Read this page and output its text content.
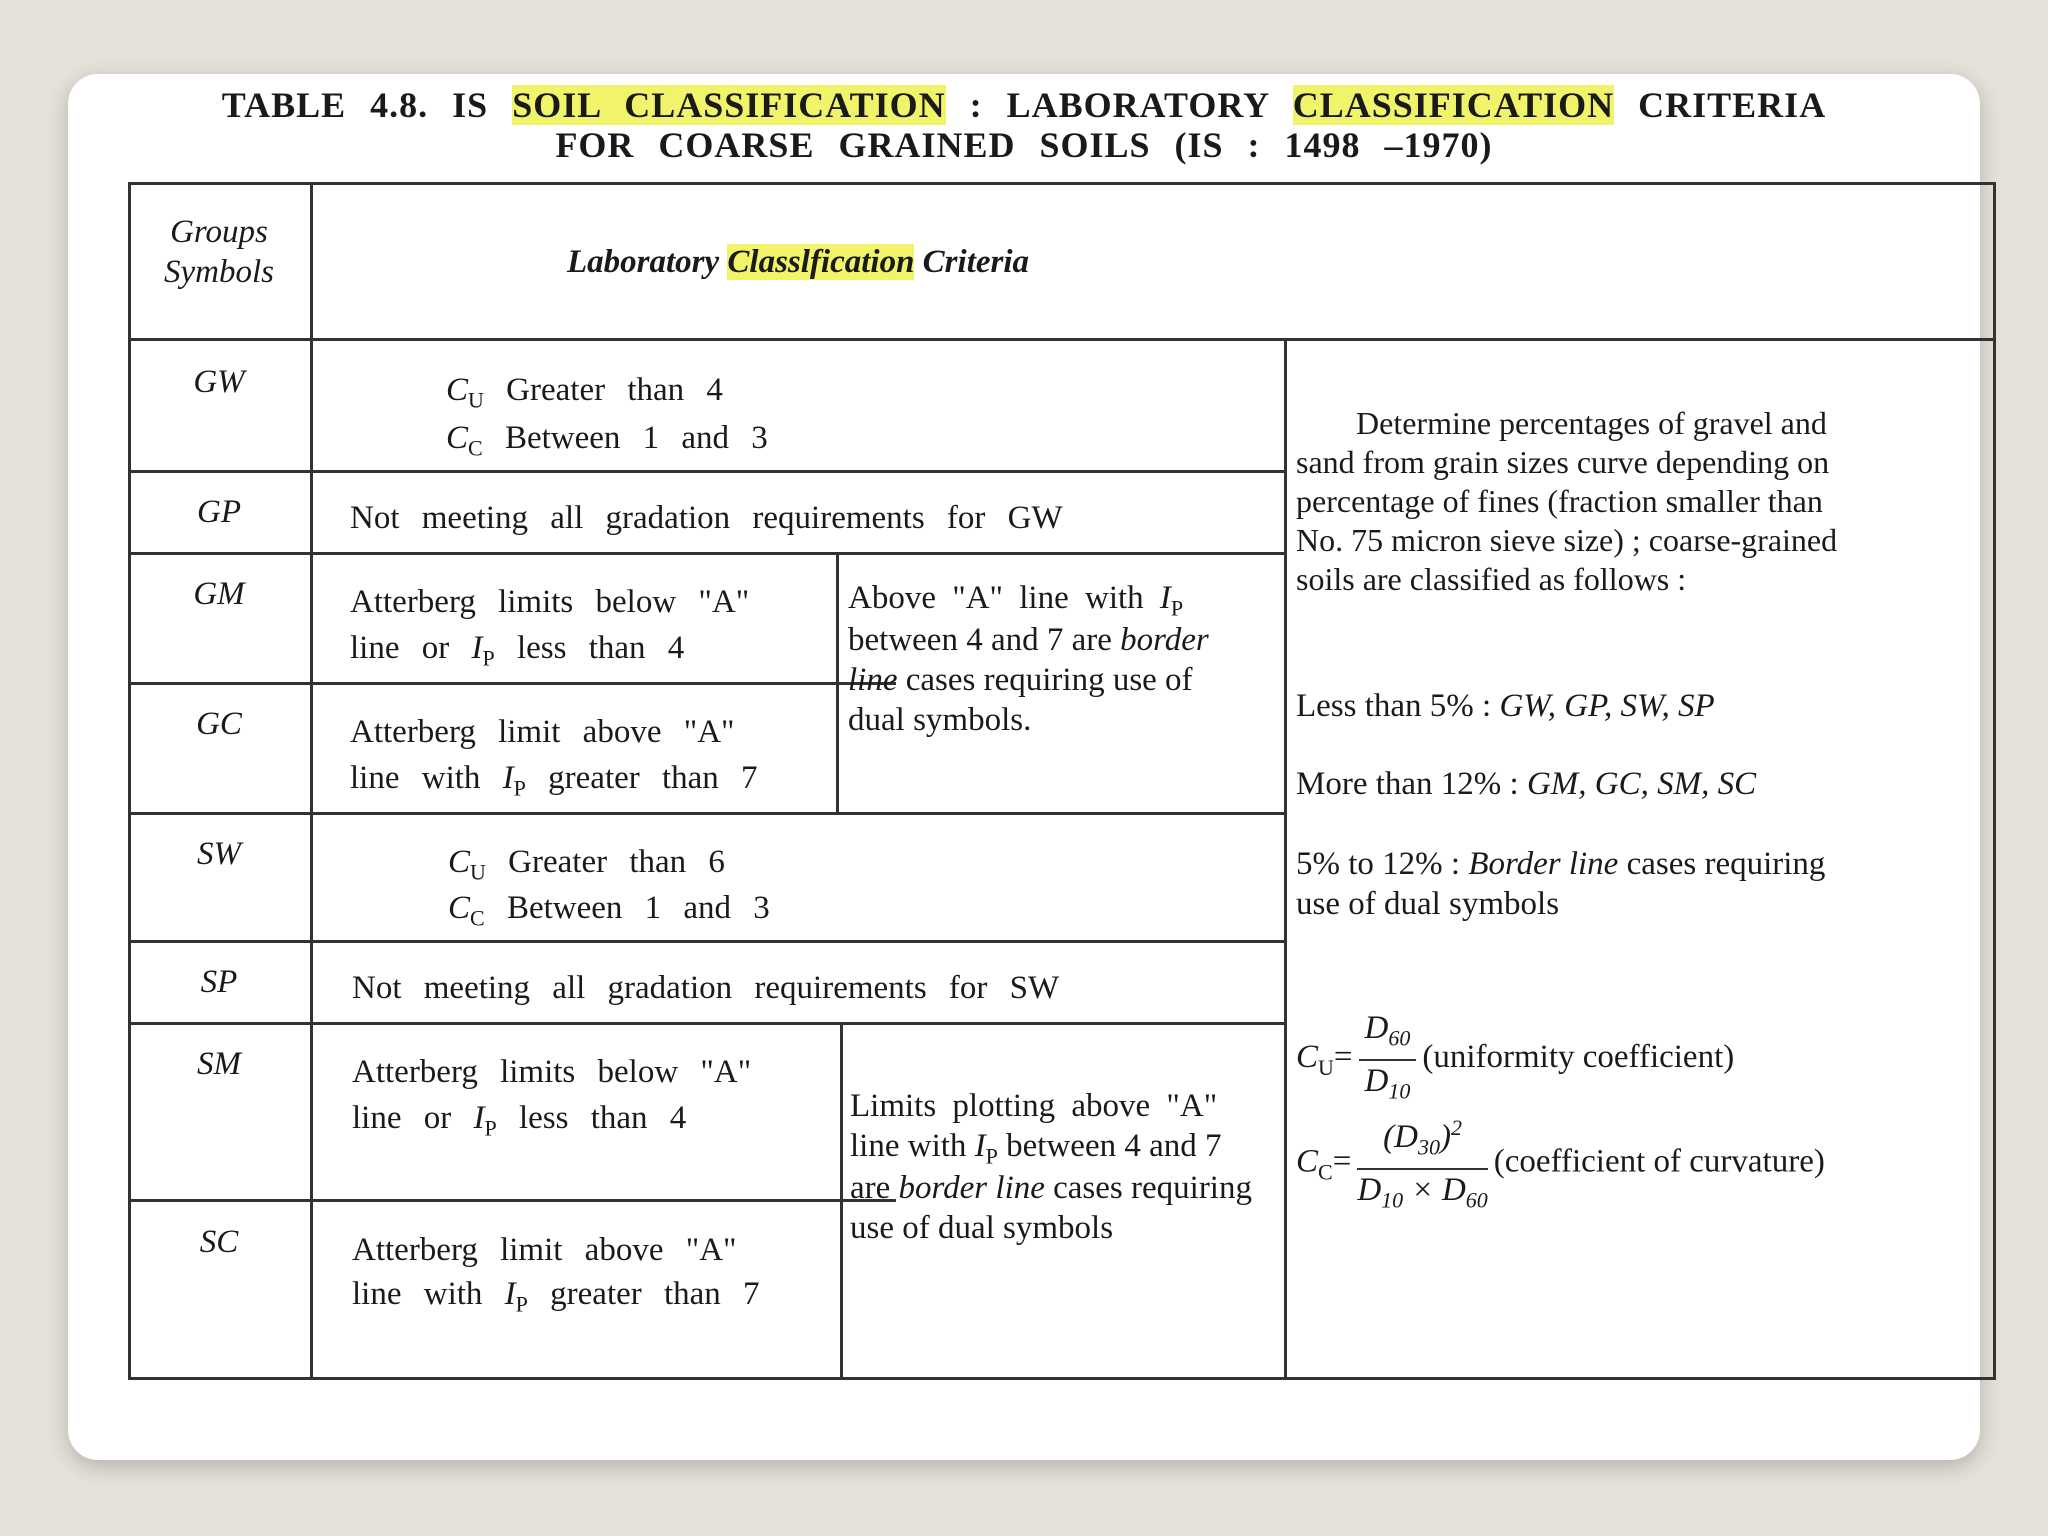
TABLE 4.8. IS SOIL CLASSIFICATION : LABORATORY CLASSIFICATION CRITERIA
FOR COARSE GRAINED SOILS (IS : 1498 –1970)
Groups
Symbols	Laboratory Classlfication Criteria
GW	$C_U$ Greater than 4
$C_C$ Between 1 and 3
GP	Not meeting all gradation requirements for GW
GM	Atterberg limits below "A"
line or $I_P$ less than 4
GC	Atterberg limit above "A"
line with $I_P$ greater than 7
Above "A" line with $I_P$
between 4 and 7 are border
line cases requiring use of
dual symbols.
SW	$C_U$ Greater than 6
$C_C$ Between 1 and 3
SP	Not meeting all gradation requirements for SW
SM	Atterberg limits below "A"
line or $I_P$ less than 4
SC	Atterberg limit above "A"
line with $I_P$ greater than 7
Limits plotting above "A"
line with $I_P$ between 4 and 7
are border line cases requiring
use of dual symbols
Determine percentages of gravel and
sand from grain sizes curve depending on
percentage of fines (fraction smaller than
No. 75 micron sieve size) ; coarse-grained
soils are classified as follows :
Less than 5% : GW, GP, SW, SP
More than 12% : GM, GC, SM, SC
5% to 12% : Border line cases requiring
use of dual symbols
$C_U= \frac{D_{60}}{D_{10}}$ (uniformity coefficient)
$C_C= \frac{(D_{30})^2}{D_{10} \times D_{60}}$ (coefficient of curvature)
